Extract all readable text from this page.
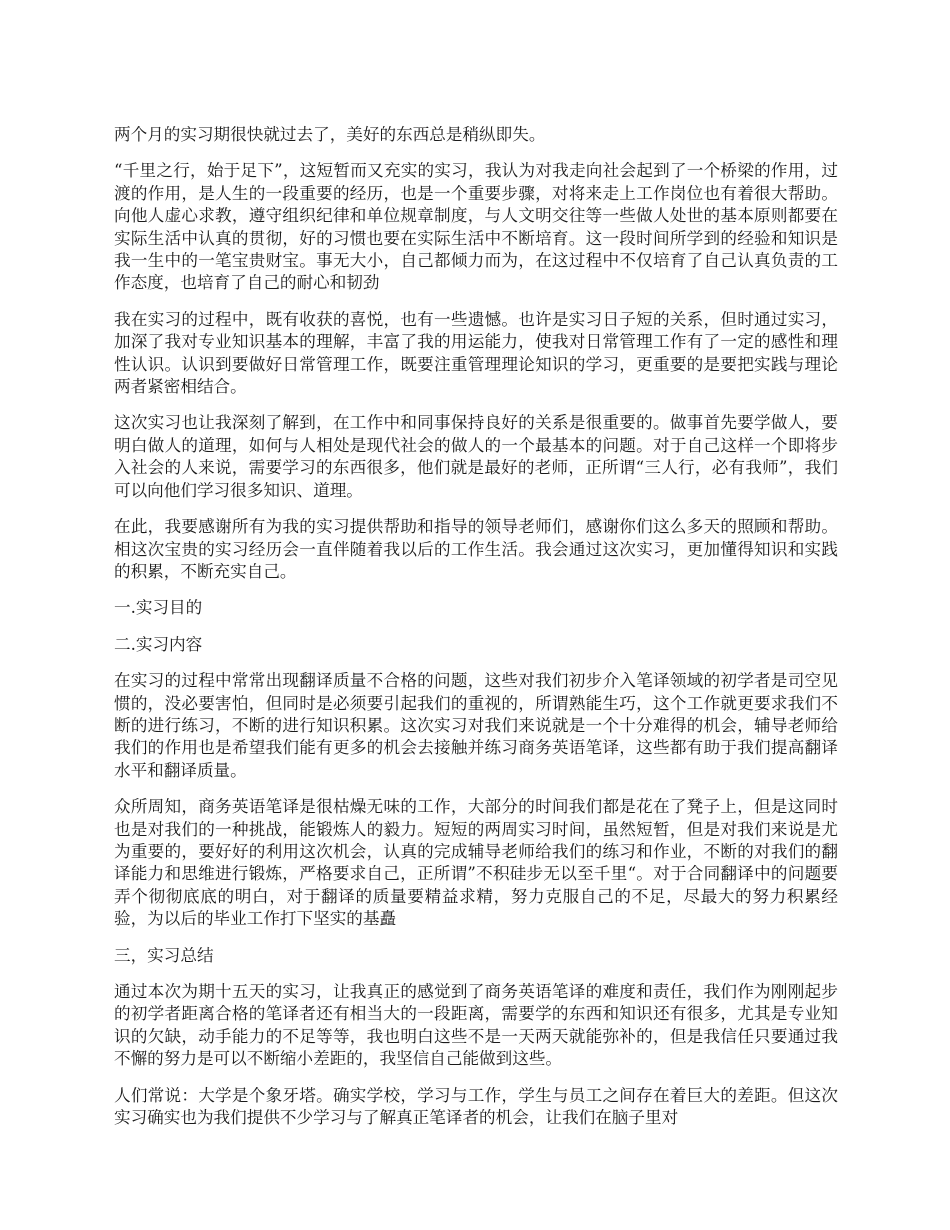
两个月的实习期很快就过去了，美好的东西总是稍纵即失。

“千里之行，始于足下”，这短暂而又充实的实习，我认为对我走向社会起到了一个桥梁的作用，过渡的作用，是人生的一段重要的经历，也是一个重要步骤，对将来走上工作岗位也有着很大帮助。向他人虚心求教，遵守组织纪律和单位规章制度，与人文明交往等一些做人处世的基本原则都要在实际生活中认真的贯彻，好的习惯也要在实际生活中不断培育。这一段时间所学到的经验和知识是我一生中的一笔宝贵财宝。事无大小，自己都倾力而为，在这过程中不仅培育了自己认真负责的工作态度，也培育了自己的耐心和韧劲

我在实习的过程中，既有收获的喜悦，也有一些遗憾。也许是实习日子短的关系，但时通过实习，加深了我对专业知识基本的理解，丰富了我的用运能力，使我对日常管理工作有了一定的感性和理性认识。认识到要做好日常管理工作，既要注重管理理论知识的学习，更重要的是要把实践与理论两者紧密相结合。

这次实习也让我深刻了解到，在工作中和同事保持良好的关系是很重要的。做事首先要学做人，要明白做人的道理，如何与人相处是现代社会的做人的一个最基本的问题。对于自己这样一个即将步入社会的人来说，需要学习的东西很多，他们就是最好的老师，正所谓“三人行，必有我师”，我们可以向他们学习很多知识、道理。

在此，我要感谢所有为我的实习提供帮助和指导的领导老师们，感谢你们这么多天的照顾和帮助。相这次宝贵的实习经历会一直伴随着我以后的工作生活。我会通过这次实习，更加懂得知识和实践的积累，不断充实自己。

一.实习目的

二.实习内容

在实习的过程中常常出现翻译质量不合格的问题，这些对我们初步介入笔译领域的初学者是司空见惯的，没必要害怕，但同时是必须要引起我们的重视的，所谓熟能生巧，这个工作就更要求我们不断的进行练习，不断的进行知识积累。这次实习对我们来说就是一个十分难得的机会，辅导老师给我们的作用也是希望我们能有更多的机会去接触并练习商务英语笔译，这些都有助于我们提高翻译水平和翻译质量。

众所周知，商务英语笔译是很枯燥无味的工作，大部分的时间我们都是花在了凳子上，但是这同时也是对我们的一种挑战，能锻炼人的毅力。短短的两周实习时间，虽然短暂，但是对我们来说是尤为重要的，要好好的利用这次机会，认真的完成辅导老师给我们的练习和作业，不断的对我们的翻译能力和思维进行锻炼，严格要求自己，正所谓”不积硅步无以至千里“。对于合同翻译中的问题要弄个彻彻底底的明白，对于翻译的质量要精益求精，努力克服自己的不足，尽最大的努力积累经验，为以后的毕业工作打下坚实的基矗

三，实习总结

通过本次为期十五天的实习，让我真正的感觉到了商务英语笔译的难度和责任，我们作为刚刚起步的初学者距离合格的笔译者还有相当大的一段距离，需要学的东西和知识还有很多，尤其是专业知识的欠缺，动手能力的不足等等，我也明白这些不是一天两天就能弥补的，但是我信任只要通过我不懈的努力是可以不断缩小差距的，我坚信自己能做到这些。

人们常说：大学是个象牙塔。确实学校，学习与工作，学生与员工之间存在着巨大的差距。但这次实习确实也为我们提供不少学习与了解真正笔译者的机会，让我们在脑子里对
